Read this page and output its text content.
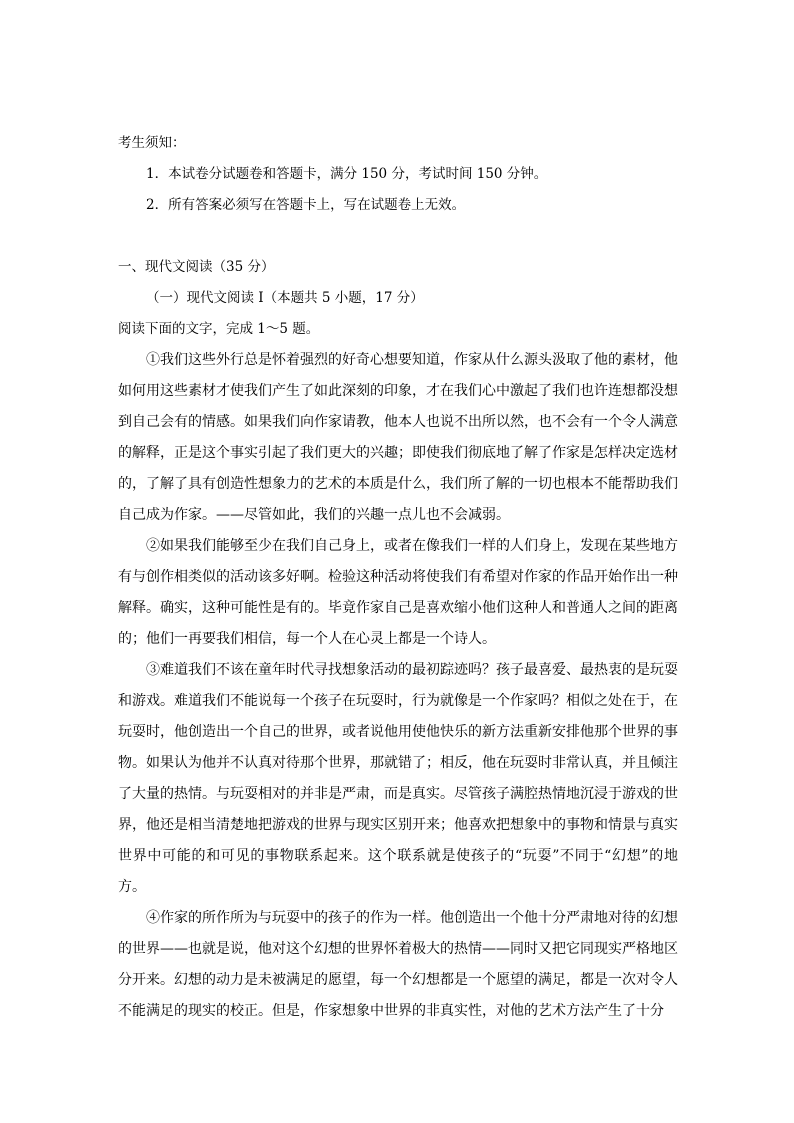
考生须知：

1．本试卷分试题卷和答题卡，满分 150 分，考试时间 150 分钟。

2．所有答案必须写在答题卡上，写在试题卷上无效。

一、现代文阅读（35 分）

（一）现代文阅读 I（本题共 5 小题，17 分）

阅读下面的文字，完成 1～5 题。

①我们这些外行总是怀着强烈的好奇心想要知道，作家从什么源头汲取了他的素材，他如何用这些素材才使我们产生了如此深刻的印象，才在我们心中激起了我们也许连想都没想到自己会有的情感。如果我们向作家请教，他本人也说不出所以然，也不会有一个令人满意的解释，正是这个事实引起了我们更大的兴趣；即使我们彻底地了解了作家是怎样决定选材的，了解了具有创造性想象力的艺术的本质是什么，我们所了解的一切也根本不能帮助我们自己成为作家。——尽管如此，我们的兴趣一点儿也不会减弱。

②如果我们能够至少在我们自己身上，或者在像我们一样的人们身上，发现在某些地方有与创作相类似的活动该多好啊。检验这种活动将使我们有希望对作家的作品开始作出一种解释。确实，这种可能性是有的。毕竟作家自己是喜欢缩小他们这种人和普通人之间的距离的；他们一再要我们相信，每一个人在心灵上都是一个诗人。

③难道我们不该在童年时代寻找想象活动的最初踪迹吗？孩子最喜爱、最热衷的是玩耍和游戏。难道我们不能说每一个孩子在玩耍时，行为就像是一个作家吗？相似之处在于，在玩耍时，他创造出一个自己的世界，或者说他用使他快乐的新方法重新安排他那个世界的事物。如果认为他并不认真对待那个世界，那就错了；相反，他在玩耍时非常认真，并且倾注了大量的热情。与玩耍相对的并非是严肃，而是真实。尽管孩子满腔热情地沉浸于游戏的世界，他还是相当清楚地把游戏的世界与现实区别开来；他喜欢把想象中的事物和情景与真实世界中可能的和可见的事物联系起来。这个联系就是使孩子的“玩耍”不同于“幻想”的地方。

④作家的所作所为与玩耍中的孩子的作为一样。他创造出一个他十分严肃地对待的幻想的世界——也就是说，他对这个幻想的世界怀着极大的热情——同时又把它同现实严格地区分开来。幻想的动力是未被满足的愿望，每一个幻想都是一个愿望的满足，都是一次对令人不能满足的现实的校正。但是，作家想象中世界的非真实性，对他的艺术方法产生了十分
